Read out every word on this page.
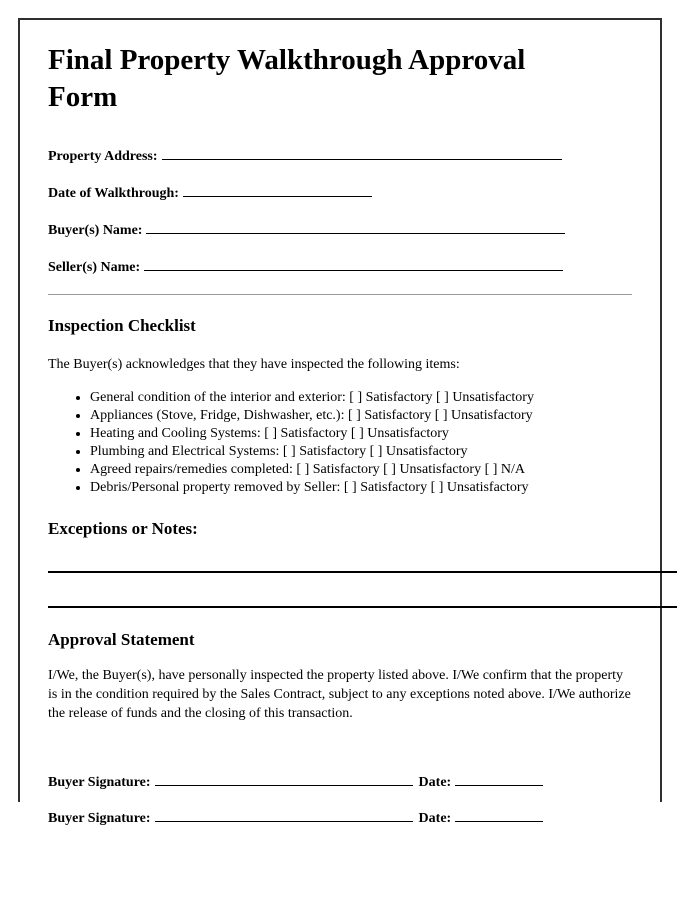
Final Property Walkthrough Approval Form
Property Address:
Date of Walkthrough:
Buyer(s) Name:
Seller(s) Name:
Inspection Checklist

The Buyer(s) acknowledges that they have inspected the following items:

• General condition of the interior and exterior: [ ] Satisfactory [ ] Unsatisfactory
• Appliances (Stove, Fridge, Dishwasher, etc.): [ ] Satisfactory [ ] Unsatisfactory
• Heating and Cooling Systems: [ ] Satisfactory [ ] Unsatisfactory
• Plumbing and Electrical Systems: [ ] Satisfactory [ ] Unsatisfactory
• Agreed repairs/remedies completed: [ ] Satisfactory [ ] Unsatisfactory [ ] N/A
• Debris/Personal property removed by Seller: [ ] Satisfactory [ ] Unsatisfactory
Exceptions or Notes:
Approval Statement

I/We, the Buyer(s), have personally inspected the property listed above. I/We confirm that the property is in the condition required by the Sales Contract, subject to any exceptions noted above. I/We authorize the release of funds and the closing of this transaction.

Buyer Signature:	Date:
Buyer Signature:	Date:
